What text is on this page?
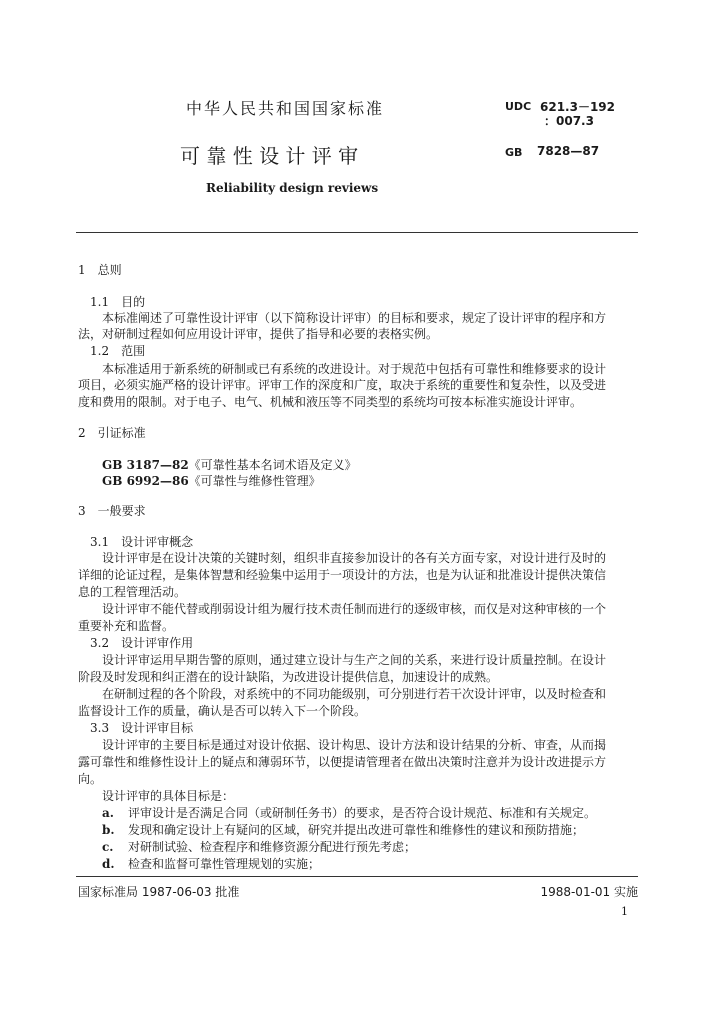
中华人民共和国国家标准	UDC 621.3－192
：007.3
可 靠 性 设 计 评 审	GB 7828—87
Reliability design reviews
1　总则
1.1　目的
本标准阐述了可靠性设计评审（以下简称设计评审）的目标和要求，规定了设计评审的程序和方
法，对研制过程如何应用设计评审，提供了指导和必要的表格实例。
1.2　范围
本标准适用于新系统的研制或已有系统的改进设计。对于规范中包括有可靠性和维修要求的设计
项目，必须实施严格的设计评审。评审工作的深度和广度，取决于系统的重要性和复杂性，以及受进
度和费用的限制。对于电子、电气、机械和液压等不同类型的系统均可按本标准实施设计评审。
2　引证标准
GB 3187—82《可靠性基本名词术语及定义》
GB 6992—86《可靠性与维修性管理》
3　一般要求
3.1　设计评审概念
设计评审是在设计决策的关键时刻，组织非直接参加设计的各有关方面专家，对设计进行及时的
详细的论证过程，是集体智慧和经验集中运用于一项设计的方法，也是为认证和批准设计提供决策信
息的工程管理活动。
设计评审不能代替或削弱设计组为履行技术责任制而进行的逐级审核，而仅是对这种审核的一个
重要补充和监督。
3.2　设计评审作用
设计评审运用早期告警的原则，通过建立设计与生产之间的关系，来进行设计质量控制。在设计
阶段及时发现和纠正潜在的设计缺陷，为改进设计提供信息，加速设计的成熟。
在研制过程的各个阶段，对系统中的不同功能级别，可分别进行若干次设计评审，以及时检查和
监督设计工作的质量，确认是否可以转入下一个阶段。
3.3　设计评审目标
设计评审的主要目标是通过对设计依据、设计构思、设计方法和设计结果的分析、审查，从而揭
露可靠性和维修性设计上的疑点和薄弱环节，以便提请管理者在做出决策时注意并为设计改进提示方
向。
设计评审的具体目标是：
a. 评审设计是否满足合同（或研制任务书）的要求，是否符合设计规范、标准和有关规定。
b. 发现和确定设计上有疑问的区域，研究并提出改进可靠性和维修性的建议和预防措施；
c. 对研制试验、检查程序和维修资源分配进行预先考虑；
d. 检查和监督可靠性管理规划的实施；
国家标准局 1987-06-03 批准	1988-01-01 实施
1
